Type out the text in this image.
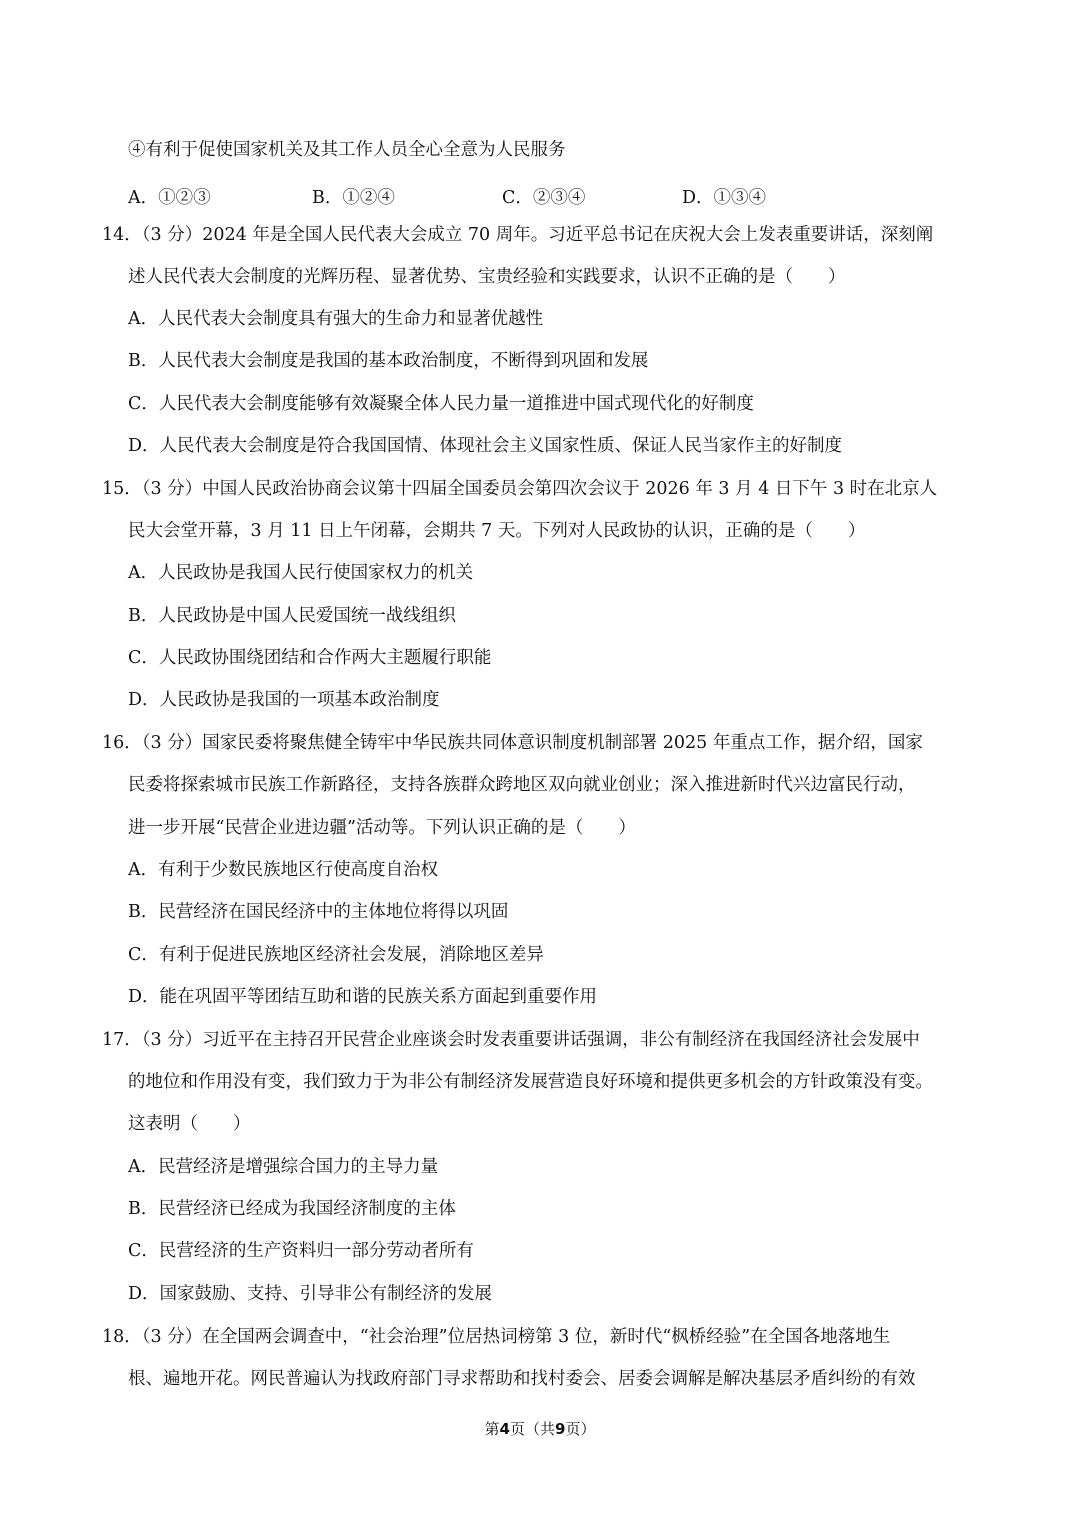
④有利于促使国家机关及其工作人员全心全意为人民服务
A．①②③	B．①②④	C．②③④	D．①③④
14．（3 分）2024 年是全国人民代表大会成立 70 周年。习近平总书记在庆祝大会上发表重要讲话，深刻阐
述人民代表大会制度的光辉历程、显著优势、宝贵经验和实践要求，认识不正确的是（　　）
A．人民代表大会制度具有强大的生命力和显著优越性
B．人民代表大会制度是我国的基本政治制度，不断得到巩固和发展
C．人民代表大会制度能够有效凝聚全体人民力量一道推进中国式现代化的好制度
D．人民代表大会制度是符合我国国情、体现社会主义国家性质、保证人民当家作主的好制度
15．（3 分）中国人民政治协商会议第十四届全国委员会第四次会议于 2026 年 3 月 4 日下午 3 时在北京人
民大会堂开幕，3 月 11 日上午闭幕，会期共 7 天。下列对人民政协的认识，正确的是（　　）
A．人民政协是我国人民行使国家权力的机关
B．人民政协是中国人民爱国统一战线组织
C．人民政协围绕团结和合作两大主题履行职能
D．人民政协是我国的一项基本政治制度
16．（3 分）国家民委将聚焦健全铸牢中华民族共同体意识制度机制部署 2025 年重点工作，据介绍，国家
民委将探索城市民族工作新路径，支持各族群众跨地区双向就业创业；深入推进新时代兴边富民行动，
进一步开展“民营企业进边疆”活动等。下列认识正确的是（　　）
A．有利于少数民族地区行使高度自治权
B．民营经济在国民经济中的主体地位将得以巩固
C．有利于促进民族地区经济社会发展，消除地区差异
D．能在巩固平等团结互助和谐的民族关系方面起到重要作用
17．（3 分）习近平在主持召开民营企业座谈会时发表重要讲话强调，非公有制经济在我国经济社会发展中
的地位和作用没有变，我们致力于为非公有制经济发展营造良好环境和提供更多机会的方针政策没有变。
这表明（　　）
A．民营经济是增强综合国力的主导力量
B．民营经济已经成为我国经济制度的主体
C．民营经济的生产资料归一部分劳动者所有
D．国家鼓励、支持、引导非公有制经济的发展
18．（3 分）在全国两会调查中，“社会治理”位居热词榜第 3 位，新时代“枫桥经验”在全国各地落地生
根、遍地开花。网民普遍认为找政府部门寻求帮助和找村委会、居委会调解是解决基层矛盾纠纷的有效
第4页（共9页）
